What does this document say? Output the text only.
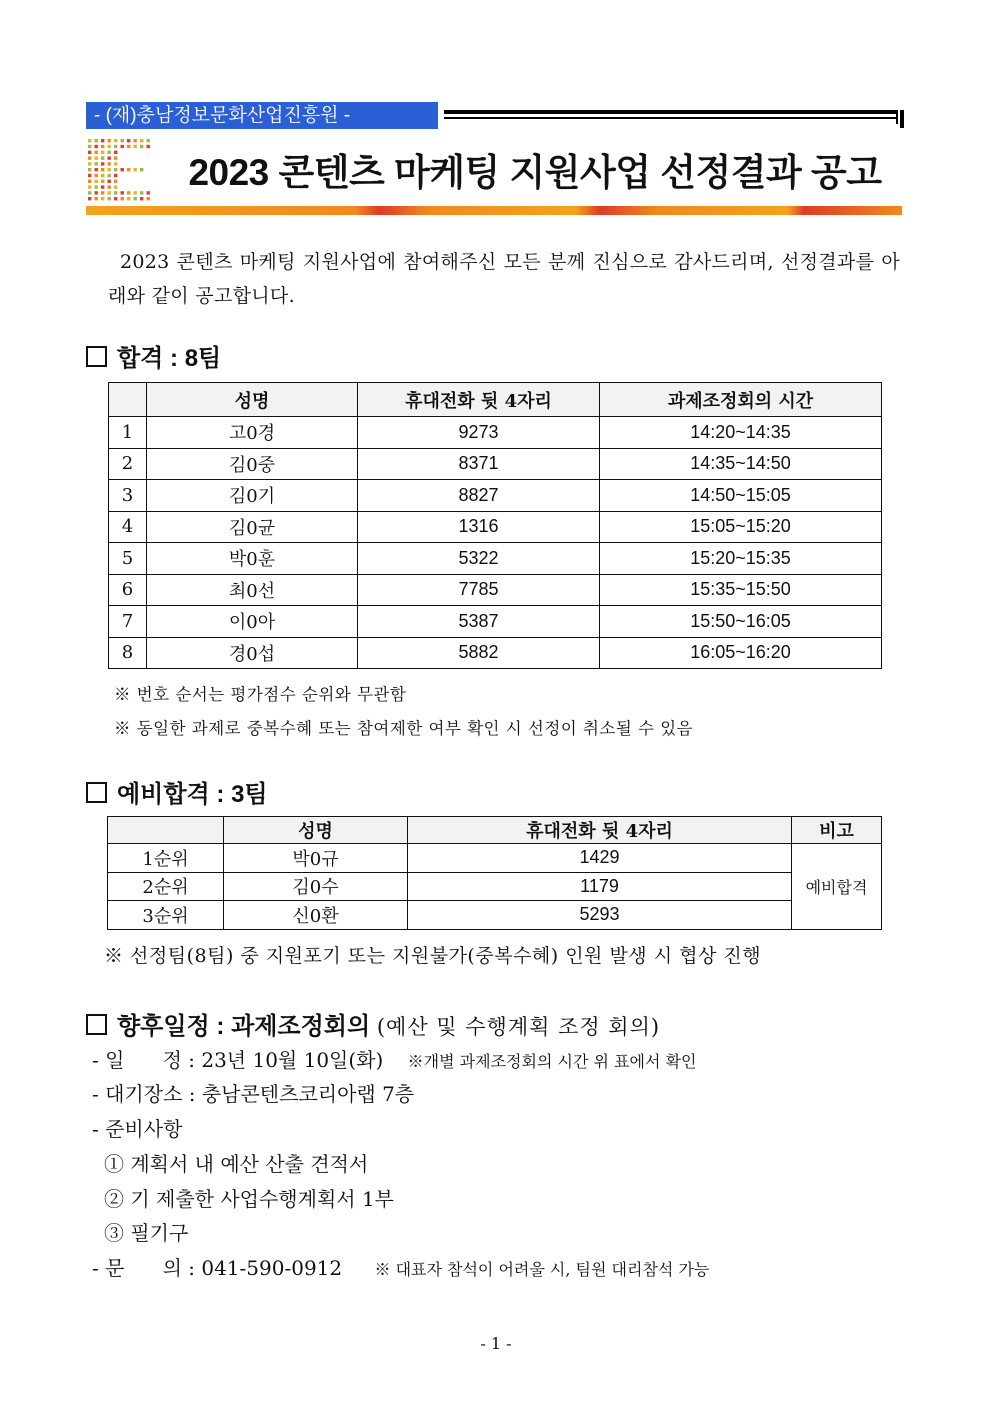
- (재)충남정보문화산업진흥원 -
2023 콘텐츠 마케팅 지원사업 선정결과 공고
2023 콘텐츠 마케팅 지원사업에 참여해주신 모든 분께 진심으로 감사드리며, 선정결과를 아래와 같이 공고합니다.
합격 : 8팀
	성명	휴대전화 뒷 4자리	과제조정회의 시간
1	고0경	9273	14:20~14:35
2	김0중	8371	14:35~14:50
3	김0기	8827	14:50~15:05
4	김0균	1316	15:05~15:20
5	박0훈	5322	15:20~15:35
6	최0선	7785	15:35~15:50
7	이0아	5387	15:50~16:05
8	경0섭	5882	16:05~16:20
※ 번호 순서는 평가점수 순위와 무관함
※ 동일한 과제로 중복수혜 또는 참여제한 여부 확인 시 선정이 취소될 수 있음
예비합격 : 3팀
	성명	휴대전화 뒷 4자리	비고
1순위	박0규	1429	예비합격
2순위	김0수	1179	
3순위	신0환	5293	
※ 선정팀(8팀) 중 지원포기 또는 지원불가(중복수혜) 인원 발생 시 협상 진행
향후일정 : 과제조정회의 (예산 및 수행계획 조정 회의)
- 일      정 : 23년 10월 10일(화) ※개별 과제조정회의 시간 위 표에서 확인
- 대기장소 : 충남콘텐츠코리아랩 7층
- 준비사항
① 계획서 내 예산 산출 견적서
② 기 제출한 사업수행계획서 1부
③ 필기구
- 문      의 : 041-590-0912 ※ 대표자 참석이 어려울 시, 팀원 대리참석 가능
- 1 -
